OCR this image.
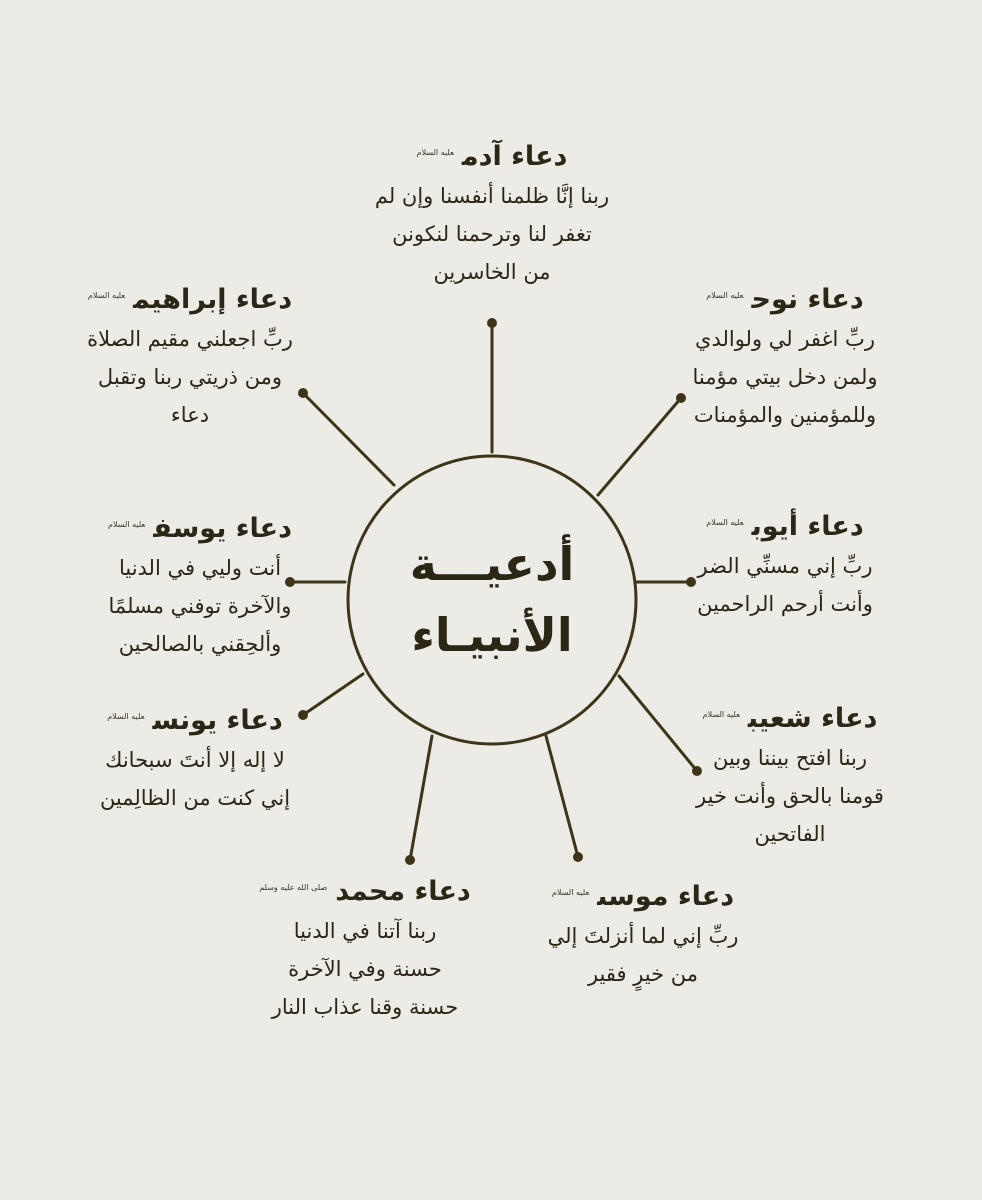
أدعيـــة
الأنبيـاء
دعاء آدم$^{عليه السلام}$
ربنا إنَّا ظلمنا أنفسنا وإن لم
تغفر لنا وترحمنا لنكونن
من الخاسرين
دعاء نوح$^{عليه السلام}$
ربِّ اغفر لي ولوالدي
ولمن دخل بيتي مؤمنا
وللمؤمنين والمؤمنات
دعاء إبراهيم$^{عليه السلام}$
ربِّ اجعلني مقيم الصلاة
ومن ذريتي ربنا وتقبل
دعاء
دعاء أيوب$^{عليه السلام}$
ربِّ إني مسنِّي الضر
وأنت أرحم الراحمين
دعاء يوسف$^{عليه السلام}$
أنت وليي في الدنيا
والآخرة توفني مسلمًا
وألحِقني بالصالحين
دعاء شعيب$^{عليه السلام}$
ربنا افتح بيننا وبين
قومنا بالحق وأنت خير
الفاتحين
دعاء يونس$^{عليه السلام}$
لا إله إلا أنتَ سبحانك
إني كنت من الظالِمين
دعاء محمد$^{صلى الله عليه وسلم}$
ربنا آتنا في الدنيا
حسنة وفي الآخرة
حسنة وقنا عذاب النار
دعاء موسى$^{عليه السلام}$
ربِّ إني لما أنزلتَ إلي
من خيرٍ فقير
